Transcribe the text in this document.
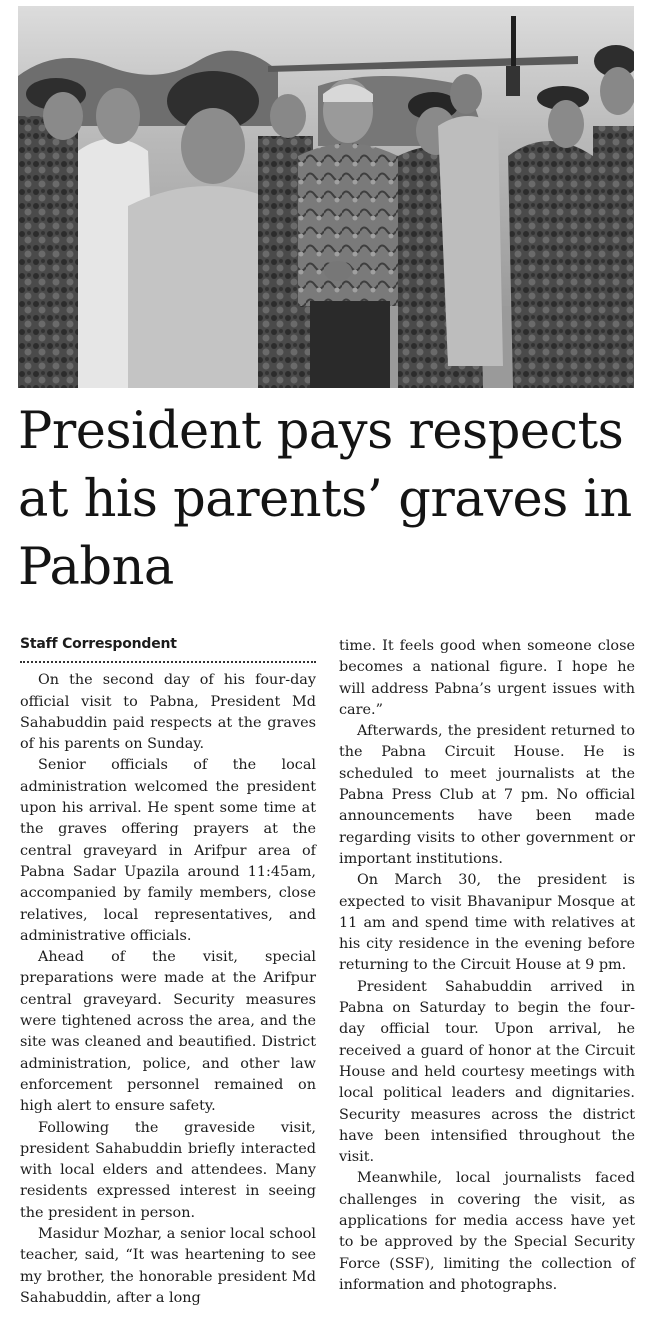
President pays respects at his parents’ graves in Pabna
Staff Correspondent

On the second day of his four-day official visit to Pabna, President Md Sahabuddin paid respects at the graves of his parents on Sunday.

Senior officials of the local administration welcomed the president upon his arrival. He spent some time at the graves offering prayers at the central graveyard in Arifpur area of Pabna Sadar Upazila around 11:45am, accompanied by family members, close relatives, local representatives, and administrative officials.

Ahead of the visit, special preparations were made at the Arifpur central graveyard. Security measures were tightened across the area, and the site was cleaned and beautified. District administration, police, and other law enforcement personnel remained on high alert to ensure safety.

Following the graveside visit, president Sahabuddin briefly interacted with local elders and attendees. Many residents expressed interest in seeing the president in person.

Masidur Mozhar, a senior local school teacher, said, “It was heartening to see my brother, the honorable president Md Sahabuddin, after a long

time. It feels good when someone close becomes a national figure. I hope he will address Pabna’s urgent issues with care.”

Afterwards, the president returned to the Pabna Circuit House. He is scheduled to meet journalists at the Pabna Press Club at 7 pm. No official announcements have been made regarding visits to other government or important institutions.

On March 30, the president is expected to visit Bhavanipur Mosque at 11 am and spend time with relatives at his city residence in the evening before returning to the Circuit House at 9 pm.

President Sahabuddin arrived in Pabna on Saturday to begin the four-day official tour. Upon arrival, he received a guard of honor at the Circuit House and held courtesy meetings with local political leaders and dignitaries. Security measures across the district have been intensified throughout the visit.

Meanwhile, local journalists faced challenges in covering the visit, as applications for media access have yet to be approved by the Special Security Force (SSF), limiting the collection of information and photographs.
